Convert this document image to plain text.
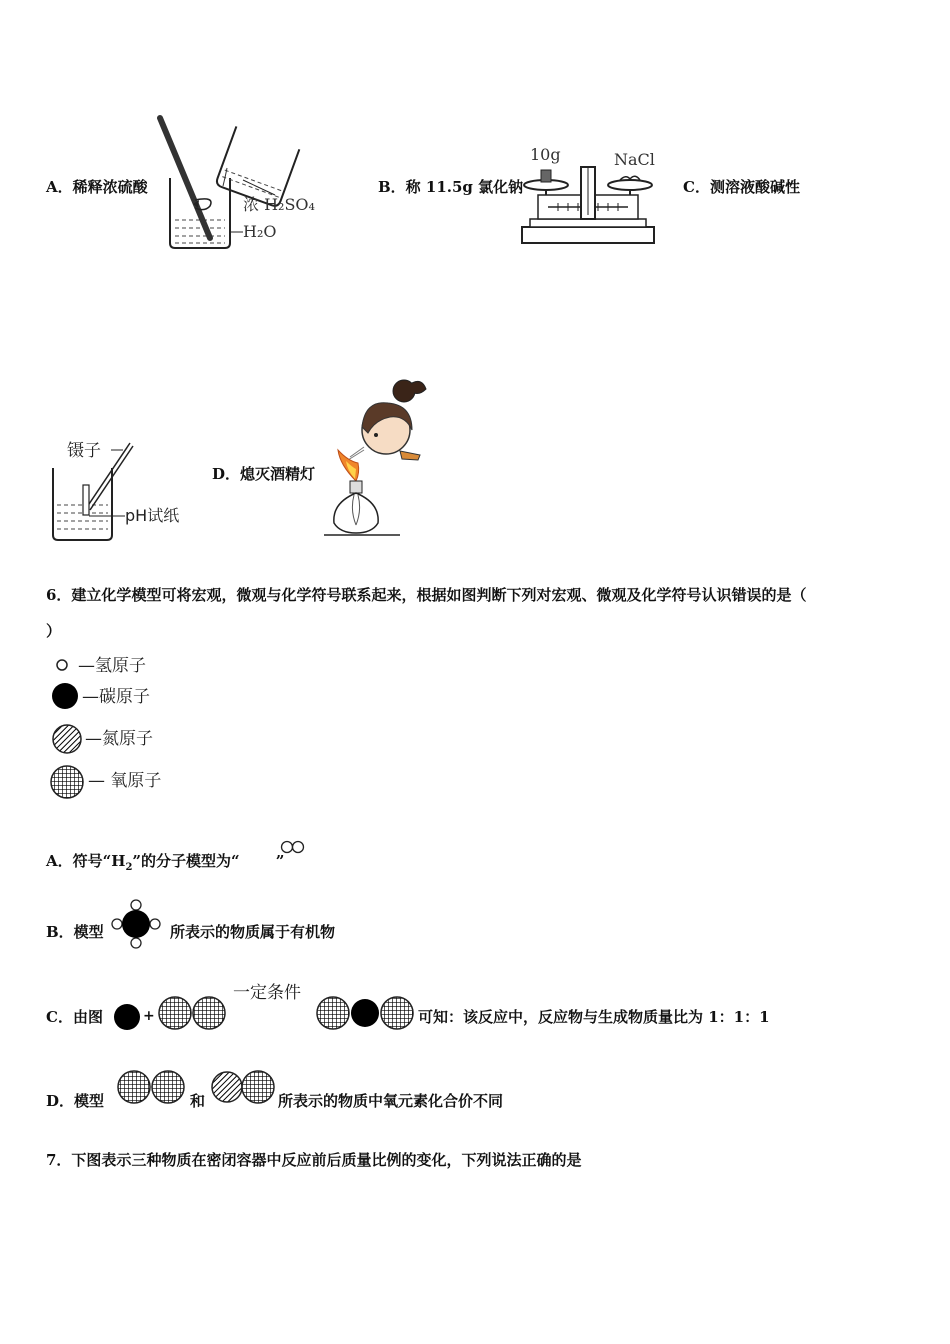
A．稀释浓硫酸
浓 H₂SO₄
H₂O
B．称 11.5g 氯化钠
10g	NaCl
C．测溶液酸碱性
镊子
pH试纸
D．熄灭酒精灯
6．建立化学模型可将宏观，微观与化学符号联系起来，根据如图判断下列对宏观、微观及化学符号认识错误的是（
）
—氢原子
—碳原子
—氮原子
— 氧原子
A．符号“$H_2$”的分子模型为“ ”
B．模型	所表示的物质属于有机物
C．由图	+
一定条件
可知：该反应中，反应物与生成物质量比为 1：1：1
D．模型	和	所表示的物质中氧元素化合价不同
7．下图表示三种物质在密闭容器中反应前后质量比例的变化，下列说法正确的是
